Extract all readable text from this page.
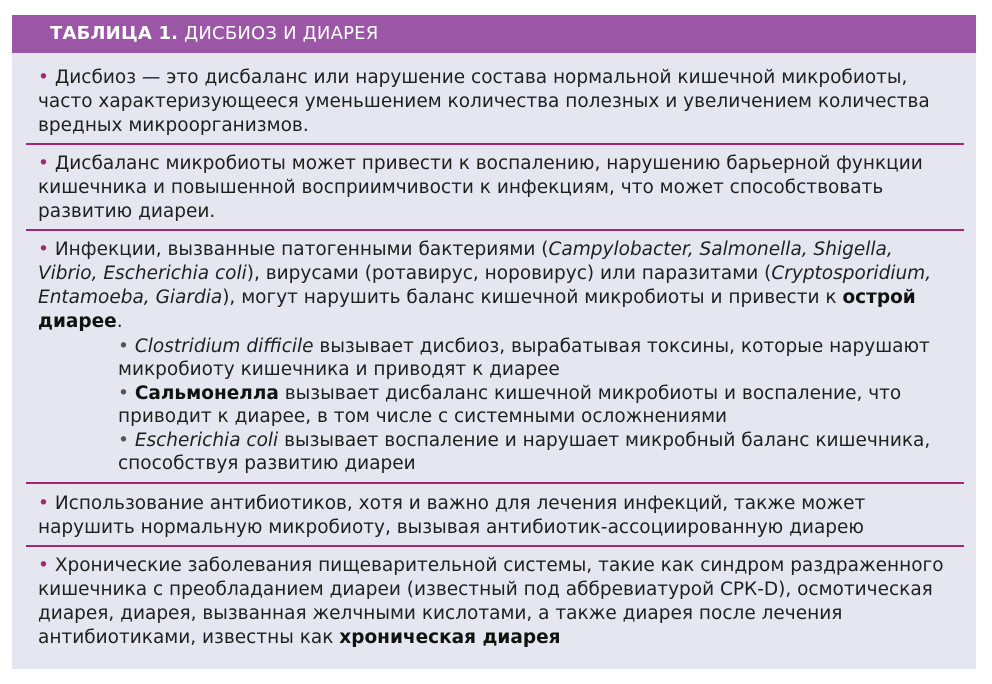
ТАБЛИЦА 1. ДИСБИОЗ И ДИАРЕЯ
• Дисбиоз — это дисбаланс или нарушение состава нормальной кишечной микробиоты,
часто характеризующееся уменьшением количества полезных и увеличением количества
вредных микроорганизмов.
• Дисбаланс микробиоты может привести к воспалению, нарушению барьерной функции
кишечника и повышенной восприимчивости к инфекциям, что может способствовать
развитию диареи.
• Инфекции, вызванные патогенными бактериями (Campylobacter, Salmonella, Shigella,
Vibrio, Escherichia coli), вирусами (ротавирус, норовирус) или паразитами (Cryptosporidium,
Entamoeba, Giardia), могут нарушить баланс кишечной микробиоты и привести к острой
диарее.
• Clostridium difficile вызывает дисбиоз, вырабатывая токсины, которые нарушают
микробиоту кишечника и приводят к диарее
• Сальмонелла вызывает дисбаланс кишечной микробиоты и воспаление, что
приводит к диарее, в том числе с системными осложнениями
• Escherichia coli вызывает воспаление и нарушает микробный баланс кишечника,
способствуя развитию диареи
• Использование антибиотиков, хотя и важно для лечения инфекций, также может
нарушить нормальную микробиоту, вызывая антибиотик-ассоциированную диарею
• Хронические заболевания пищеварительной системы, такие как синдром раздраженного
кишечника с преобладанием диареи (известный под аббревиатурой СРК-D), осмотическая
диарея, диарея, вызванная желчными кислотами, а также диарея после лечения
антибиотиками, известны как хроническая диарея
